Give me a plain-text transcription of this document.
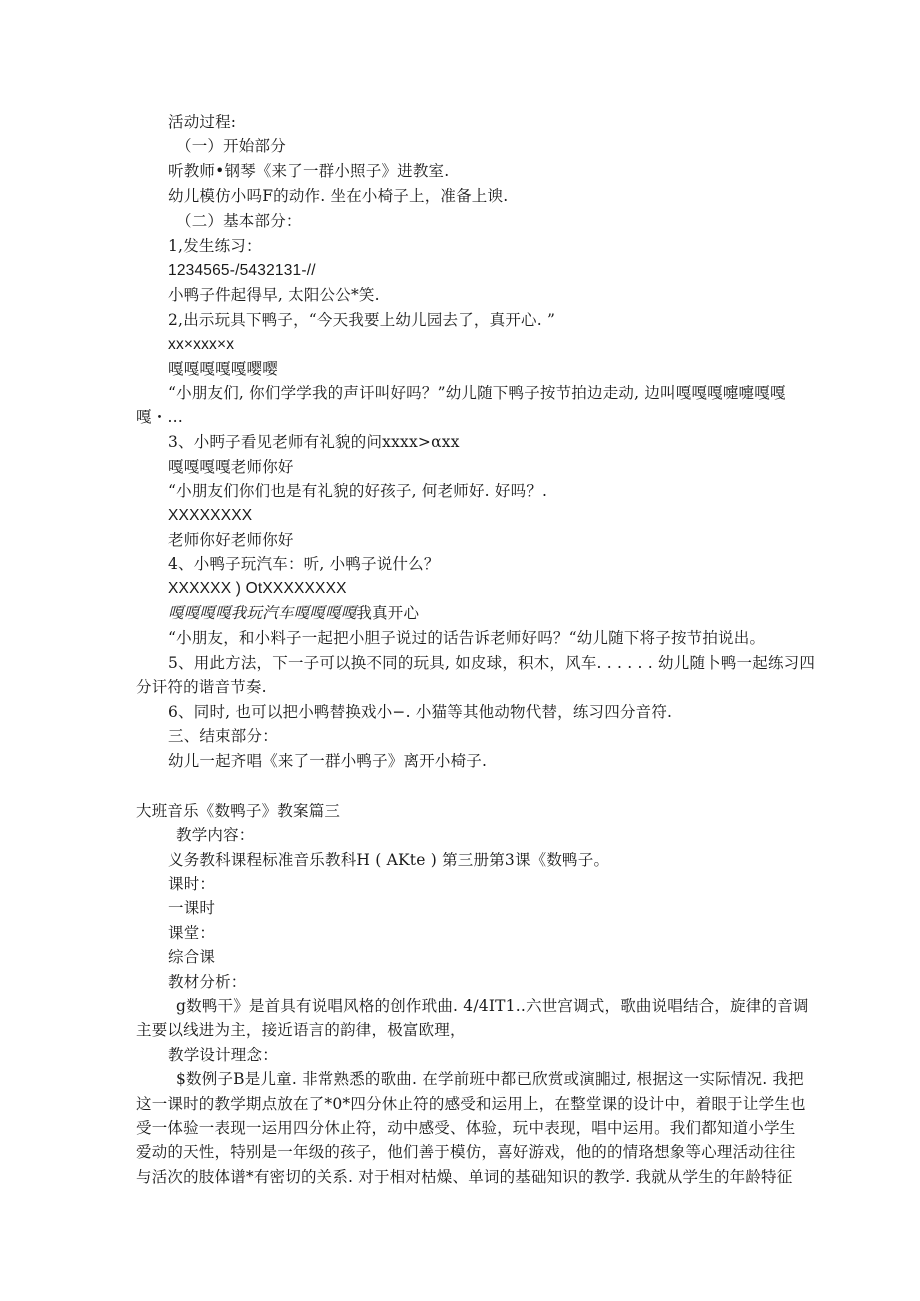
活动过程:
（一）开始部分
听教师•钢琴《来了一群小照子》进教室.
幼儿模仿小吗F的动作. 坐在小椅子上，准备上谀.
（二）基本部分：
1,发生练习：
1234565-/5432131-//
小鸭子件起得早, 太阳公公*笑.
2,出示玩具下鸭子，“今天我要上幼儿园去了，真开心. ”
xx×xxx×x
嘎嘎嘎嘎嘎嘤嘤
“小朋友们, 你们学学我的声讦叫好吗？”幼儿随下鸭子按节拍边走动, 边叫嘎嘎嘎嚏嚏嘎嘎
嘎・…
3、小眄子看见老师有礼貌的问xxxx>αxx
嘎嘎嘎嘎老师你好
“小朋友们你们也是有礼貌的好孩子, 何老师好. 好吗？.
XXXXXXXX
老师你好老师你好
4、小鸭子玩汽车：听, 小鸭子说什么？
XXXXXX ) OtXXXXXXXX
嘎嘎嘎嘎我玩汽车嘎嘎嘎嘎我真开心
“小朋友，和小料子一起把小胆子说过的话告诉老师好吗？“幼儿随下将子按节拍说出。
5、用此方法，下一子可以换不同的玩具, 如皮球，积木，风车. . . . . . 幼儿随卜鸭一起练习四
分讦符的谐音节奏.
6、同时, 也可以把小鸭替换戏小−. 小猫等其他动物代替，练习四分音符.
三、结束部分：
幼儿一起齐唱《来了一群小鸭子》离开小椅子.
大班音乐《数鸭子》教案篇三
教学内容：
义务教科课程标准音乐教科H ( AKte ) 第三册第3课《数鸭子。
课时：
一课时
课堂：
综合课
教材分析：
g数鸭干》是首具有说唱风格的创作玳曲. 4/4IT1..六世宫调式，歌曲说唱结合，旋律的音调
主要以线进为主，接近语言的韵律，极富欧理，
教学设计理念：
$数例子B是儿童. 非常熟悉的歌曲. 在学前班中都已欣赏或演嘂过, 根据这一实际情况. 我把
这一课时的教学期点放在了*0*四分休止符的感受和运用上，在整堂课的设计中，着眼于让学生也
受一体验一表现一运用四分休止符，动中感受、体验，玩中表现，唱中运用。我们都知道小学生
爱动的天性，特别是一年级的孩子，他们善于模仿，喜好游戏，他的的情珞想象等心理活动往往
与活次的肢体谱*有密切的关系. 对于相对枯燥、单词的基础知识的教学. 我就从学生的年龄特征
